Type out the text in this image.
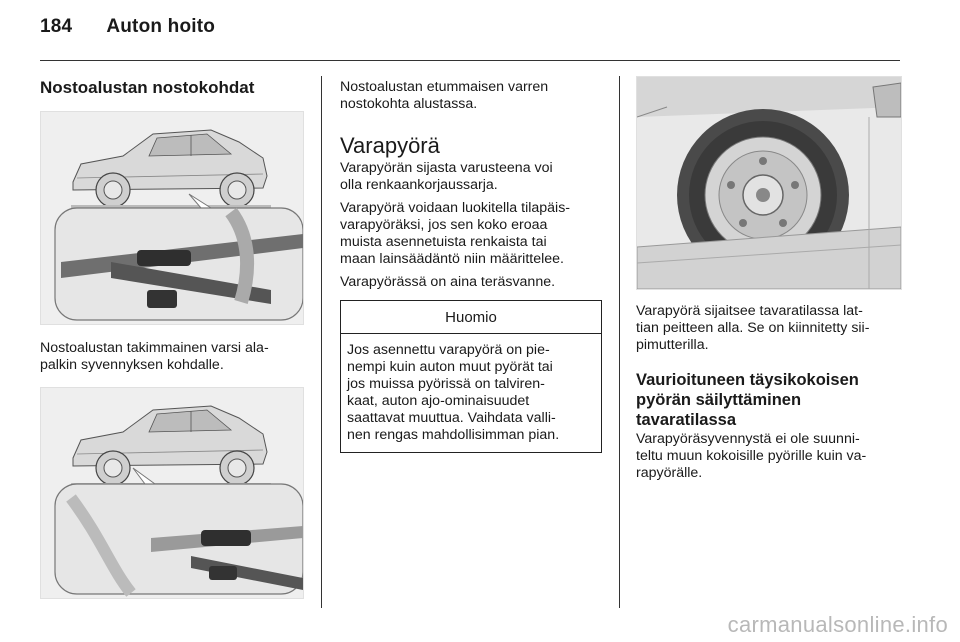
184 Auton hoito
Nostoalustan nostokohdat

Nostoalustan takimmainen varsi ala-
palkin syvennyksen kohdalle.

Nostoalustan etummaisen varren
nostokohta alustassa.

Varapyörä

Varapyörän sijasta varusteena voi
olla renkaankorjaussarja.

Varapyörä voidaan luokitella tilapäis-
varapyöräksi, jos sen koko eroaa
muista asennetuista renkaista tai
maan lainsäädäntö niin määrittelee.

Varapyörässä on aina teräsvanne.

Huomio

Jos asennettu varapyörä on pie-
nempi kuin auton muut pyörät tai
jos muissa pyörissä on talviren-
kaat, auton ajo-ominaisuudet
saattavat muuttua. Vaihdata valli-
nen rengas mahdollisimman pian.

Varapyörä sijaitsee tavaratilassa lat-
tian peitteen alla. Se on kiinnitetty sii-
pimutterilla.

Vaurioituneen täysikokoisen
pyörän säilyttäminen
tavaratilassa

Varapyöräsyvennystä ei ole suunni-
teltu muun kokoisille pyörille kuin va-
rapyörälle.

carmanualsonline.info
